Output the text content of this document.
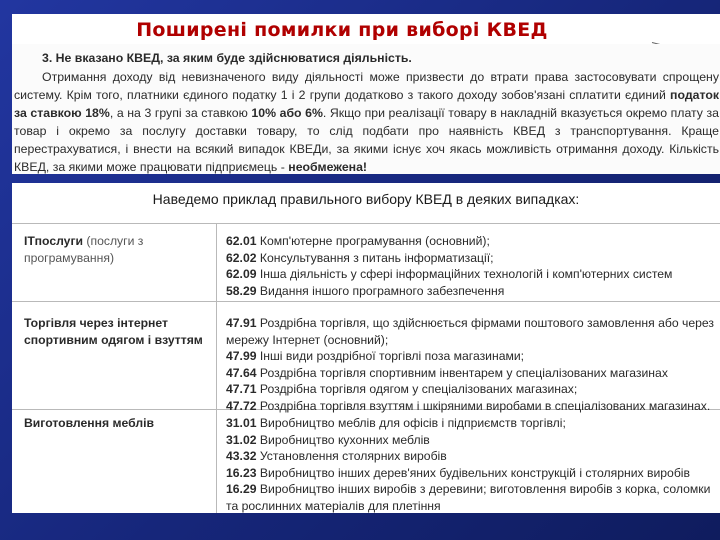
Поширені помилки при виборі КВЕД
3. Не вказано КВЕД, за яким буде здійснюватися діяльність.
Отримання доходу від невизначеного виду діяльності може призвести до втрати права застосовувати спрощену систему. Крім того, платники єдиного податку 1 і 2 групи додатково з такого доходу зобов'язані сплатити єдиний податок за ставкою 18%, а на 3 групі за ставкою 10% або 6%. Якщо при реалізації товару в накладній вказується окремо плату за товар і окремо за послугу доставки товару, то слід подбати про наявність КВЕД з транспортування. Краще перестрахуватися, і внести на всякий випадок КВЕДи, за якими існує хоч якась можливість отримання доходу. Кількість КВЕД, за якими може працювати підприємець - необмежена!
Наведемо приклад правильного вибору КВЕД в деяких випадках:
ІТпослуги (послуги з програмування)
62.01 Комп'ютерне програмування (основний);
62.02 Консультування з питань інформатизації;
62.09 Інша діяльність у сфері інформаційних технологій і комп'ютерних систем
58.29 Видання іншого програмного забезпечення
Торгівля через інтернет спортивним одягом і взуттям
47.91 Роздрібна торгівля, що здійснюється фірмами поштового замовлення або через мережу Інтернет (основний);
47.99 Інші види роздрібної торгівлі поза магазинами;
47.64 Роздрібна торгівля спортивним інвентарем у спеціалізованих магазинах
47.71 Роздрібна торгівля одягом у спеціалізованих магазинах;
47.72 Роздрібна торгівля взуттям і шкіряними виробами в спеціалізованих магазинах.
Виготовлення меблів	31.01 Виробництво меблів для офісів і підприємств торгівлі;
31.02 Виробництво кухонних меблів
43.32 Установлення столярних виробів
16.23 Виробництво інших дерев'яних будівельних конструкцій і столярних виробів
16.29 Виробництво інших виробів з деревини; виготовлення виробів з корка, соломки та рослинних матеріалів для плетіння
